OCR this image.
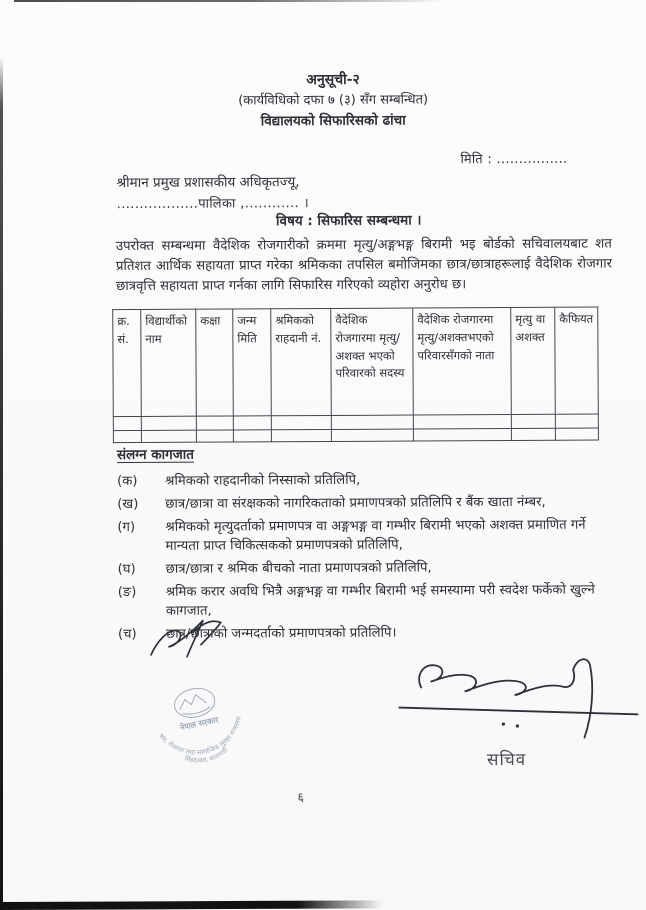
अनुसूची-२
(कार्यविधिको दफा ७ (३) सँग सम्बन्धित)
विद्यालयको सिफारिसको ढांचा
मिति : ................
श्रीमान प्रमुख प्रशासकीय अधिकृतज्यू,
..................पालिका ,............ ।
विषय : सिफारिस सम्बन्धमा ।
उपरोक्त सम्बन्धमा वैदेशिक रोजगारीको क्रममा मृत्यु/अङ्गभङ्ग बिरामी भइ बोर्डको सचिवालयबाट शत प्रतिशत आर्थिक सहायता प्राप्त गरेका श्रमिकका तपसिल बमोजिमका छात्र/छात्राहरूलाई वैदेशिक रोजगार छात्रवृत्ति सहायता प्राप्त गर्नका लागि सिफारिस गरिएको व्यहोरा अनुरोध छ।
क्र. सं.	विद्यार्थीको नाम	कक्षा	जन्म मिति	श्रमिकको राहदानी नं.	वैदेशिक रोजगारमा मृत्यु/अशक्त भएको परिवारको सदस्य	वैदेशिक रोजगारमा मृत्यु/अशक्तभएको परिवारसँगको नाता	मृत्यु वा अशक्त	कैफियत

संलग्न कागजात
(क)	श्रमिकको राहदानीको निस्साको प्रतिलिपि,
(ख)	छात्र/छात्रा वा संरक्षकको नागरिकताको प्रमाणपत्रको प्रतिलिपि र बैंक खाता नंम्बर,
(ग)	श्रमिकको मृत्युदर्ताको प्रमाणपत्र वा अङ्गभङ्ग वा गम्भीर बिरामी भएको अशक्त प्रमाणित गर्ने मान्यता प्राप्त चिकित्सकको प्रमाणपत्रको प्रतिलिपि,
(घ)	छात्र/छात्रा र श्रमिक बीचको नाता प्रमाणपत्रको प्रतिलिपि,
(ङ)	श्रमिक करार अवधि भित्रै अङ्गभङ्ग वा गम्भीर बिरामी भई समस्यामा परी स्वदेश फर्केको खुल्ने कागजात,
(च)	छात्र/छात्राको जन्मदर्ताको प्रमाणपत्रको प्रतिलिपि।
नेपाल सरकार
श्रम, रोजगार तथा सामाजिक सुरक्षा मन्त्रालय
सिंहदरबार, काठमाडौं	सचिव
६
